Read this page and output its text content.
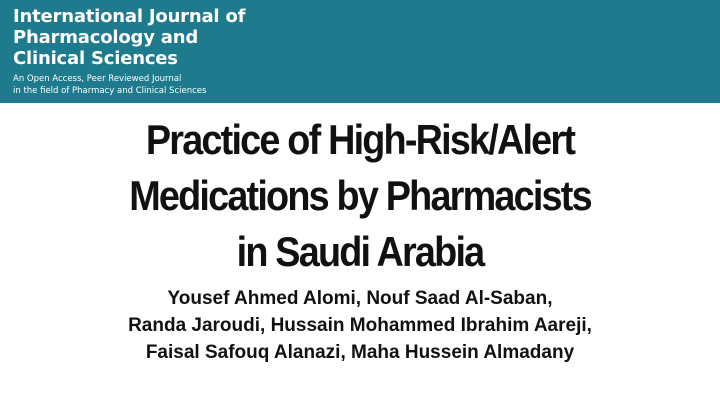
International Journal of
Pharmacology and
Clinical Sciences

An Open Access, Peer Reviewed Journal
in the field of Pharmacy and Clinical Sciences

Practice of High-Risk/Alert
Medications by Pharmacists
in Saudi Arabia

Yousef Ahmed Alomi, Nouf Saad Al-Saban,
Randa Jaroudi, Hussain Mohammed Ibrahim Aareji,
Faisal Safouq Alanazi, Maha Hussein Almadany
